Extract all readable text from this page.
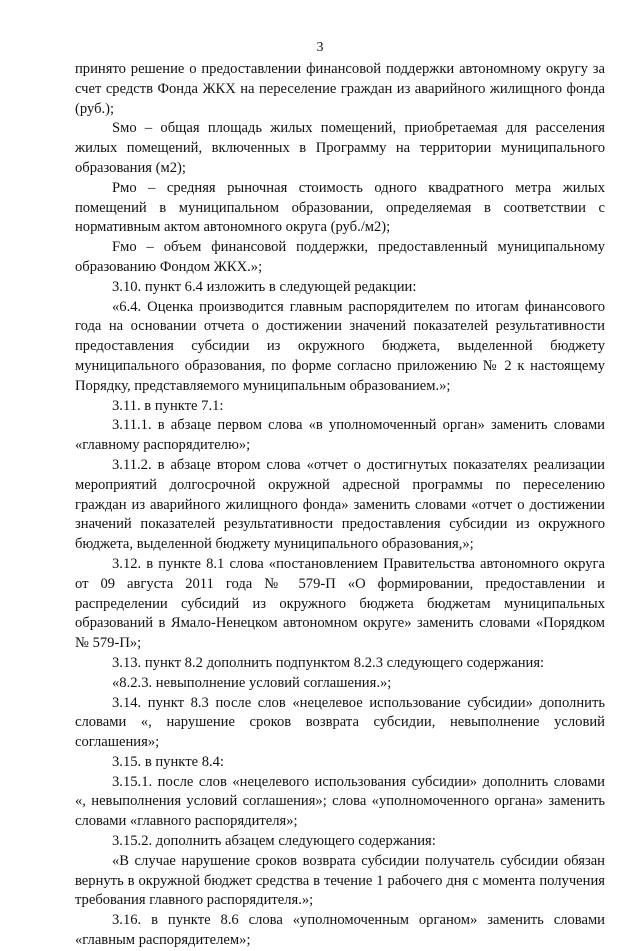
3

принято решение о предоставлении финансовой поддержки автономному округу за счет средств Фонда ЖКХ на переселение граждан из аварийного жилищного фонда (руб.);

Sмо – общая площадь жилых помещений, приобретаемая для расселения жилых помещений, включенных в Программу на территории муниципального образования (м2);

Рмо – средняя рыночная стоимость одного квадратного метра жилых помещений в муниципальном образовании, определяемая в соответствии с нормативным актом автономного округа (руб./м2);

Fмо – объем финансовой поддержки, предоставленный муниципальному образованию Фондом ЖКХ.»;

3.10. пункт 6.4 изложить в следующей редакции:

«6.4. Оценка производится главным распорядителем по итогам финансового года на основании отчета о достижении значений показателей результативности предоставления субсидии из окружного бюджета, выделенной бюджету муниципального образования, по форме согласно приложению № 2 к настоящему Порядку, представляемого муниципальным образованием.»;

3.11. в пункте 7.1:

3.11.1. в абзаце первом слова «в уполномоченный орган» заменить словами «главному распорядителю»;

3.11.2. в абзаце втором слова «отчет о достигнутых показателях реализации мероприятий долгосрочной окружной адресной программы по переселению граждан из аварийного жилищного фонда» заменить словами «отчет о достижении значений показателей результативности предоставления субсидии из окружного бюджета, выделенной бюджету муниципального образования,»;

3.12. в пункте 8.1 слова «постановлением Правительства автономного округа от 09 августа 2011 года № 579-П «О формировании, предоставлении и распределении субсидий из окружного бюджета бюджетам муниципальных образований в Ямало-Ненецком автономном округе» заменить словами «Порядком № 579-П»;

3.13. пункт 8.2 дополнить подпунктом 8.2.3 следующего содержания:

«8.2.3. невыполнение условий соглашения.»;

3.14. пункт 8.3 после слов «нецелевое использование субсидии» дополнить словами «, нарушение сроков возврата субсидии, невыполнение условий соглашения»;

3.15. в пункте 8.4:

3.15.1. после слов «нецелевого использования субсидии» дополнить словами «, невыполнения условий соглашения»; слова «уполномоченного органа» заменить словами «главного распорядителя»;

3.15.2. дополнить абзацем следующего содержания:

«В случае нарушение сроков возврата субсидии получатель субсидии обязан вернуть в окружной бюджет средства в течение 1 рабочего дня с момента получения требования главного распорядителя.»;

3.16. в пункте 8.6 слова «уполномоченным органом» заменить словами «главным распорядителем»;
